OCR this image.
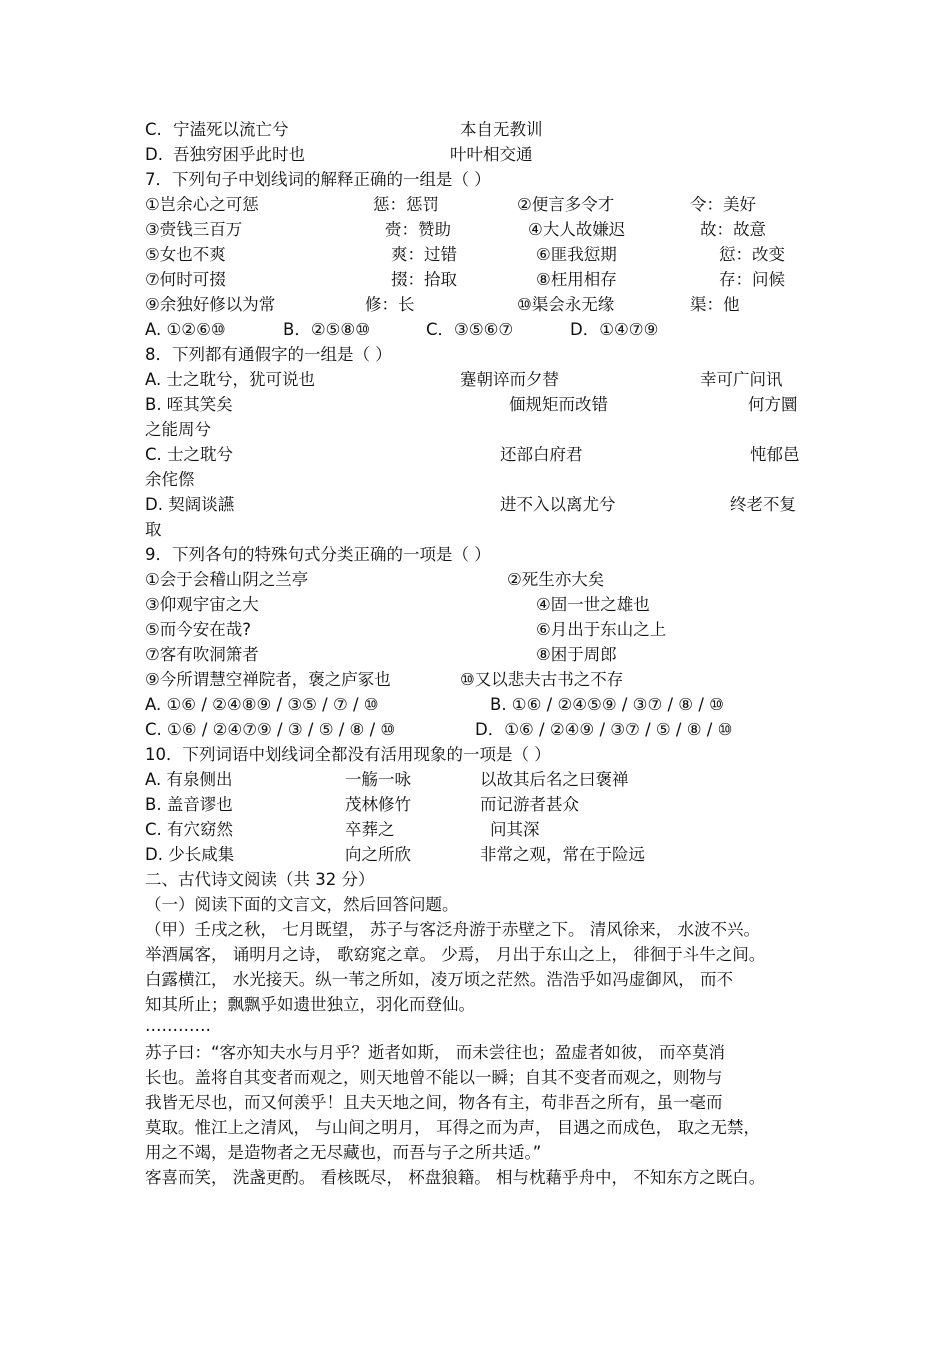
C. 宁溘死以流亡兮	本自无教训
D. 吾独穷困乎此时也	叶叶相交通
7．下列句子中划线词的解释正确的一组是（ ）
①岂余心之可惩	惩：惩罚	②便言多令才	令：美好
③赍钱三百万	赍：赞助	④大人故嫌迟	故：故意
⑤女也不爽	爽：过错	⑥匪我愆期	愆：改变
⑦何时可掇	掇：拾取	⑧枉用相存	存：问候
⑨余独好修以为常	修：长	⑩渠会永无缘	渠：他
A. ①②⑥⑩	B．②⑤⑧⑩	C．③⑤⑥⑦	D．①④⑦⑨
8．下列都有通假字的一组是（ ）
A. 士之耽兮，犹可说也	蹇朝谇而夕替	幸可广问讯
B. 咥其笑矣	偭规矩而改错	何方圜
之能周兮
C. 士之耽兮	还部白府君	忳郁邑
余侘傺
D. 契阔谈讌	进不入以离尤兮	终老不复
取
9．下列各句的特殊句式分类正确的一项是（ ）
①会于会稽山阴之兰亭	②死生亦大矣
③仰观宇宙之大	④固一世之雄也
⑤而今安在哉?	⑥月出于东山之上
⑦客有吹洞箫者	⑧困于周郎
⑨今所谓慧空禅院者，褒之庐冢也	⑩又以悲夫古书之不存
A. ①⑥ / ②④⑧⑨ / ③⑤ / ⑦ / ⑩	B. ①⑥ / ②④⑤⑨ / ③⑦ / ⑧ / ⑩
C. ①⑥ / ②④⑦⑨ / ③ / ⑤ / ⑧ / ⑩	D．①⑥ / ②④⑨ / ③⑦ / ⑤ / ⑧ / ⑩
10．下列词语中划线词全都没有活用现象的一项是（ ）
A. 有泉侧出	一觞一咏	以故其后名之曰褒禅
B. 盖音谬也	茂林修竹	而记游者甚众
C. 有穴窈然	卒葬之	问其深
D. 少长咸集	向之所欣	非常之观，常在于险远
二、古代诗文阅读（共 32 分）
（一）阅读下面的文言文，然后回答问题。
（甲）壬戌之秋， 七月既望， 苏子与客泛舟游于赤壁之下。 清风徐来， 水波不兴。
举酒属客， 诵明月之诗， 歌窈窕之章。 少焉， 月出于东山之上， 徘徊于斗牛之间。
白露横江， 水光接天。纵一苇之所如，凌万顷之茫然。浩浩乎如冯虚御风， 而不
知其所止；飘飘乎如遗世独立，羽化而登仙。
…………
苏子曰：“客亦知夫水与月乎？逝者如斯， 而未尝往也；盈虚者如彼， 而卒莫消
长也。盖将自其变者而观之，则天地曾不能以一瞬；自其不变者而观之，则物与
我皆无尽也，而又何羡乎！且夫天地之间，物各有主，苟非吾之所有，虽一毫而
莫取。惟江上之清风， 与山间之明月， 耳得之而为声， 目遇之而成色， 取之无禁，
用之不竭，是造物者之无尽藏也，而吾与子之所共适。”
客喜而笑， 洗盏更酌。 看核既尽， 杯盘狼籍。 相与枕藉乎舟中， 不知东方之既白。
